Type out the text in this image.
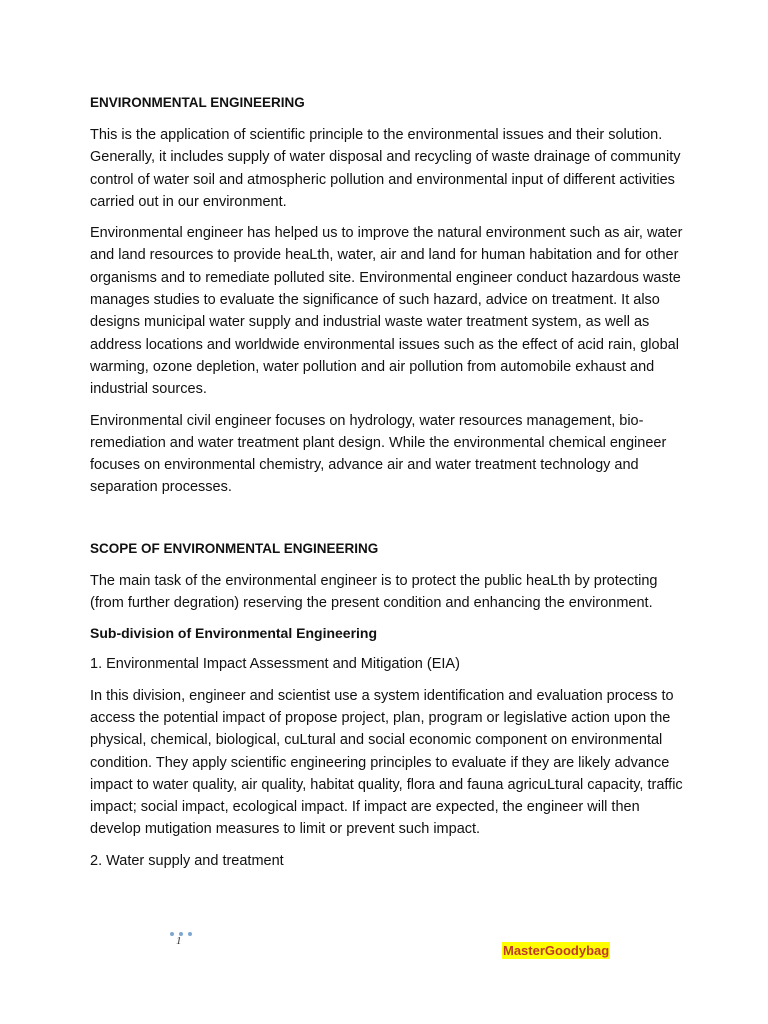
ENVIRONMENTAL ENGINEERING

This is the application of scientific principle to the environmental issues and their solution. Generally, it includes supply of water disposal and recycling of waste drainage of community control of water soil and atmospheric pollution and environmental input of different activities carried out in our environment.

Environmental engineer has helped us to improve the natural environment such as air, water and land resources to provide heaLth, water, air and land for human habitation and for other organisms and to remediate polluted site. Environmental engineer conduct hazardous waste manages studies to evaluate the significance of such hazard, advice on treatment. It also designs municipal water supply and industrial waste water treatment system, as well as address locations and worldwide environmental issues such as the effect of acid rain, global warming, ozone depletion, water pollution and air pollution from automobile exhaust and industrial sources.

Environmental civil engineer focuses on hydrology, water resources management, bio-remediation and water treatment plant design. While the environmental chemical engineer focuses on environmental chemistry, advance air and water treatment technology and separation processes.

SCOPE OF ENVIRONMENTAL ENGINEERING

The main task of the environmental engineer is to protect the public heaLth by protecting (from further degration) reserving the present condition and enhancing the environment.

Sub-division of Environmental Engineering

1. Environmental Impact Assessment and Mitigation (EIA)

In this division, engineer and scientist use a system identification and evaluation process to access the potential impact of propose project, plan, program or legislative action upon the physical, chemical, biological, cuLtural and social economic component on environmental condition. They apply scientific engineering principles to evaluate if they are likely advance impact to water quality, air quality, habitat quality, flora and fauna agricuLtural capacity, traffic impact; social impact, ecological impact. If impact are expected, the engineer will then develop mutigation measures to limit or prevent such impact.

2. Water supply and treatment

1
MasterGoodybag
